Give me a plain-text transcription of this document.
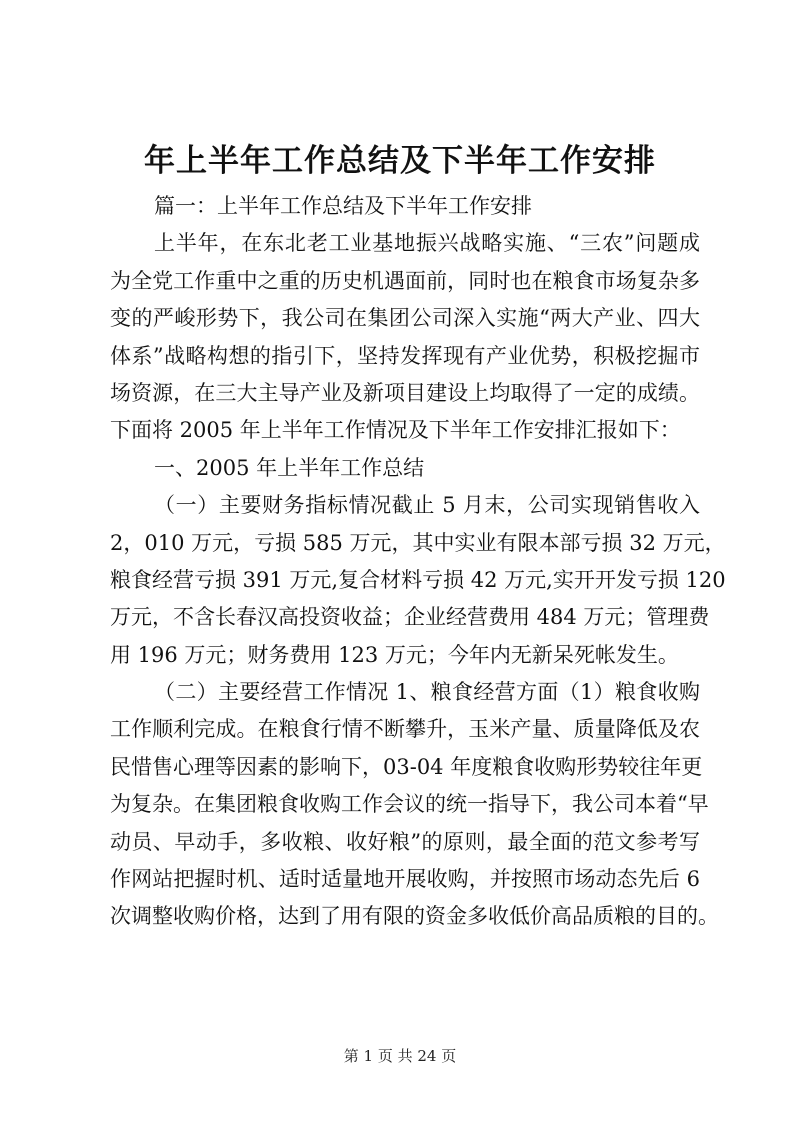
年上半年工作总结及下半年工作安排
篇一：上半年工作总结及下半年工作安排
上半年，在东北老工业基地振兴战略实施、“三农”问题成
为全党工作重中之重的历史机遇面前，同时也在粮食市场复杂多
变的严峻形势下，我公司在集团公司深入实施“两大产业、四大
体系”战略构想的指引下，坚持发挥现有产业优势，积极挖掘市
场资源，在三大主导产业及新项目建设上均取得了一定的成绩。
下面将 2005 年上半年工作情况及下半年工作安排汇报如下：
一、2005 年上半年工作总结
（一）主要财务指标情况截止 5 月末，公司实现销售收入
2，010 万元，亏损 585 万元，其中实业有限本部亏损 32 万元，
粮食经营亏损 391 万元,复合材料亏损 42 万元,实开开发亏损 120
万元，不含长春汉高投资收益；企业经营费用 484 万元；管理费
用 196 万元；财务费用 123 万元；今年内无新呆死帐发生。
（二）主要经营工作情况 1、粮食经营方面（1）粮食收购
工作顺利完成。在粮食行情不断攀升，玉米产量、质量降低及农
民惜售心理等因素的影响下，03-04 年度粮食收购形势较往年更
为复杂。在集团粮食收购工作会议的统一指导下，我公司本着“早
动员、早动手，多收粮、收好粮”的原则，最全面的范文参考写
作网站把握时机、适时适量地开展收购，并按照市场动态先后 6
次调整收购价格，达到了用有限的资金多收低价高品质粮的目的。
第 1 页 共 24 页
